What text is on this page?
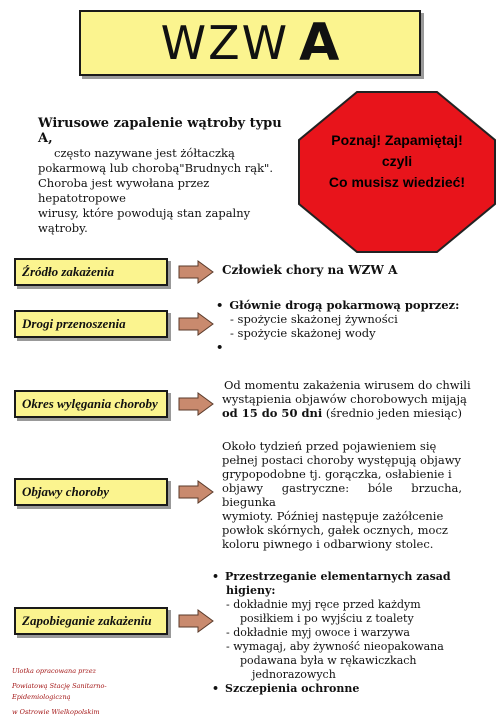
WZW A

Wirusowe zapalenie wątroby typu A,

często nazywane jest żółtaczką

pokarmową lub chorobą"Brudnych rąk".

Choroba jest wywołana przez hepatotropowe

wirusy, które powodują stan zapalny wątroby.

Poznaj! Zapamiętaj!
czyli
Co musisz wiedzieć!
Źródło zakażenia
Drogi przenoszenia
Okres wylęgania choroby
Objawy choroby
Zapobieganie zakażeniu
Człowiek chory na WZW A

• Głównie drogą pokarmową poprzez:

- spożycie skażonej żywności

- spożycie skażonej wody

•

Od momentu zakażenia wirusem do chwili

wystąpienia objawów chorobowych mijają

od 15 do 50 dni (średnio jeden miesiąc)

Około tydzień przed pojawieniem się

pełnej postaci choroby występują objawy

grypopodobne tj. gorączka, osłabienie i

objawy gastryczne: bóle brzucha, biegunka

wymioty. Później następuje zażółcenie

powłok skórnych, gałek ocznych, mocz

koloru piwnego i odbarwiony stolec.

• Przestrzeganie elementarnych zasad

higieny:

- dokładnie myj ręce przed każdym

posiłkiem i po wyjściu z toalety

- dokładnie myj owoce i warzywa

- wymagaj, aby żywność nieopakowana

podawana była w rękawiczkach

jednorazowych

• Szczepienia ochronne

Ulotka opracowana przez

Powiatową Stację Sanitarno-Epidemiologiczną

w Ostrowie Wielkopolskim
